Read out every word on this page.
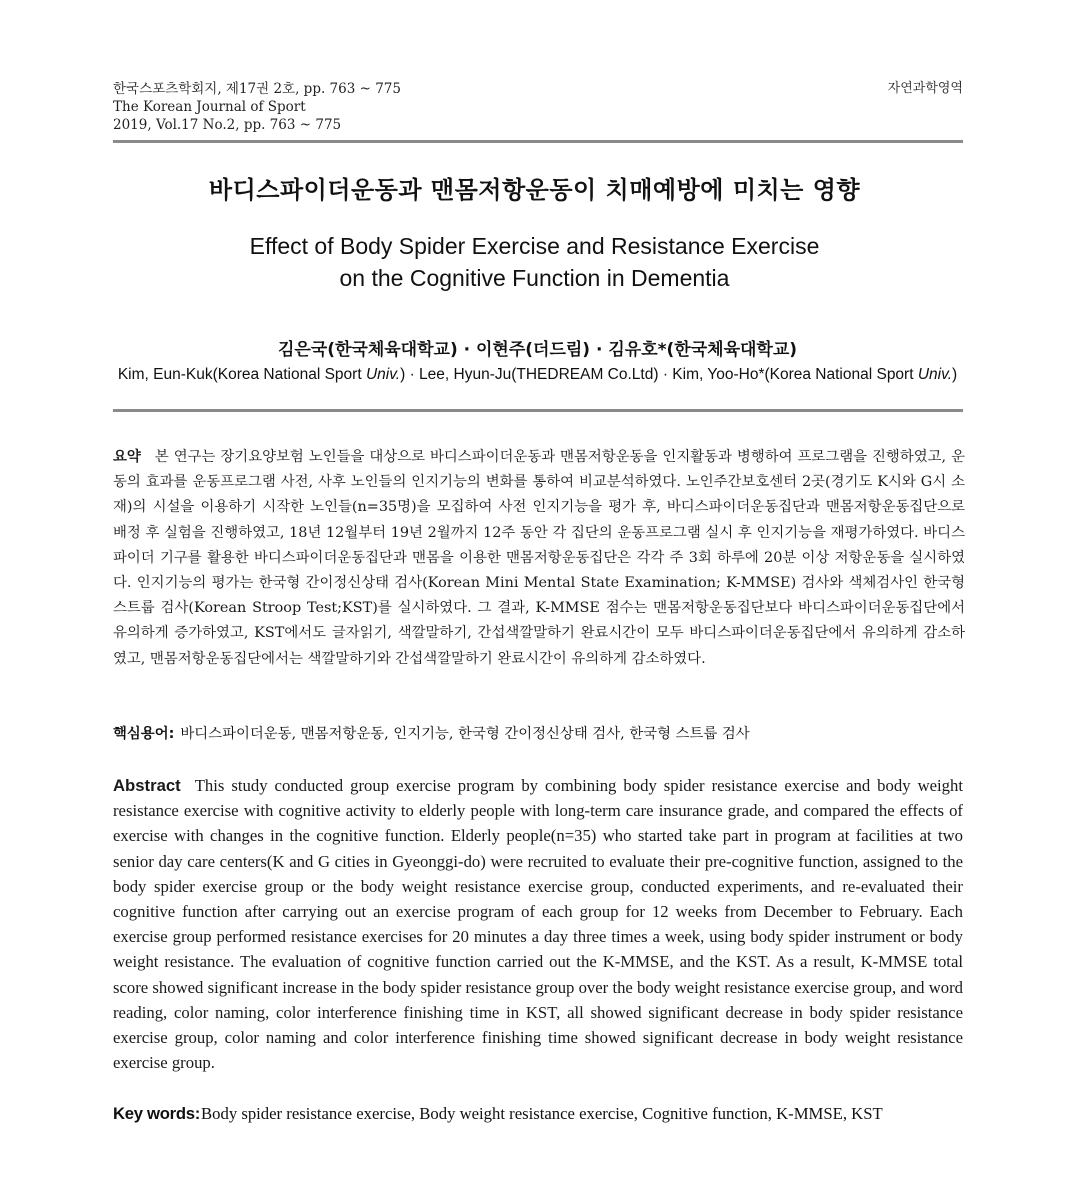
한국스포츠학회지, 제17권 2호, pp. 763 ~ 775
The Korean Journal of Sport
2019, Vol.17 No.2, pp. 763 ~ 775
자연과학영역
바디스파이더운동과 맨몸저항운동이 치매예방에 미치는 영향
Effect of Body Spider Exercise and Resistance Exercise
on the Cognitive Function in Dementia
김은국(한국체육대학교) · 이현주(더드림) · 김유호*(한국체육대학교)
Kim, Eun-Kuk(Korea National Sport Univ.) · Lee, Hyun-Ju(THEDREAM Co.Ltd) · Kim, Yoo-Ho*(Korea National Sport Univ.)
요약 본 연구는 장기요양보험 노인들을 대상으로 바디스파이더운동과 맨몸저항운동을 인지활동과 병행하여 프로그램을 진행하였고, 운동의 효과를 운동프로그램 사전, 사후 노인들의 인지기능의 변화를 통하여 비교분석하였다. 노인주간보호센터 2곳(경기도 K시와 G시 소재)의 시설을 이용하기 시작한 노인들(n=35명)을 모집하여 사전 인지기능을 평가 후, 바디스파이더운동집단과 맨몸저항운동집단으로 배정 후 실험을 진행하였고, 18년 12월부터 19년 2월까지 12주 동안 각 집단의 운동프로그램 실시 후 인지기능을 재평가하였다. 바디스파이더 기구를 활용한 바디스파이더운동집단과 맨몸을 이용한 맨몸저항운동집단은 각각 주 3회 하루에 20분 이상 저항운동을 실시하였다. 인지기능의 평가는 한국형 간이정신상태 검사(Korean Mini Mental State Examination; K-MMSE) 검사와 색체검사인 한국형 스트룹 검사(Korean Stroop Test;KST)를 실시하였다. 그 결과, K-MMSE 점수는 맨몸저항운동집단보다 바디스파이더운동집단에서 유의하게 증가하였고, KST에서도 글자읽기, 색깔말하기, 간섭색깔말하기 완료시간이 모두 바디스파이더운동집단에서 유의하게 감소하였고, 맨몸저항운동집단에서는 색깔말하기와 간섭색깔말하기 완료시간이 유의하게 감소하였다.
핵심용어: 바디스파이더운동, 맨몸저항운동, 인지기능, 한국형 간이정신상태 검사, 한국형 스트룹 검사
Abstract This study conducted group exercise program by combining body spider resistance exercise and body weight resistance exercise with cognitive activity to elderly people with long-term care insurance grade, and compared the effects of exercise with changes in the cognitive function. Elderly people(n=35) who started take part in program at facilities at two senior day care centers(K and G cities in Gyeonggi-do) were recruited to evaluate their pre-cognitive function, assigned to the body spider exercise group or the body weight resistance exercise group, conducted experiments, and re-evaluated their cognitive function after carrying out an exercise program of each group for 12 weeks from December to February. Each exercise group performed resistance exercises for 20 minutes a day three times a week, using body spider instrument or body weight resistance. The evaluation of cognitive function carried out the K-MMSE, and the KST. As a result, K-MMSE total score showed significant increase in the body spider resistance group over the body weight resistance exercise group, and word reading, color naming, color interference finishing time in KST, all showed significant decrease in body spider resistance exercise group, color naming and color interference finishing time showed significant decrease in body weight resistance exercise group.
Key words: Body spider resistance exercise, Body weight resistance exercise, Cognitive function, K-MMSE, KST
